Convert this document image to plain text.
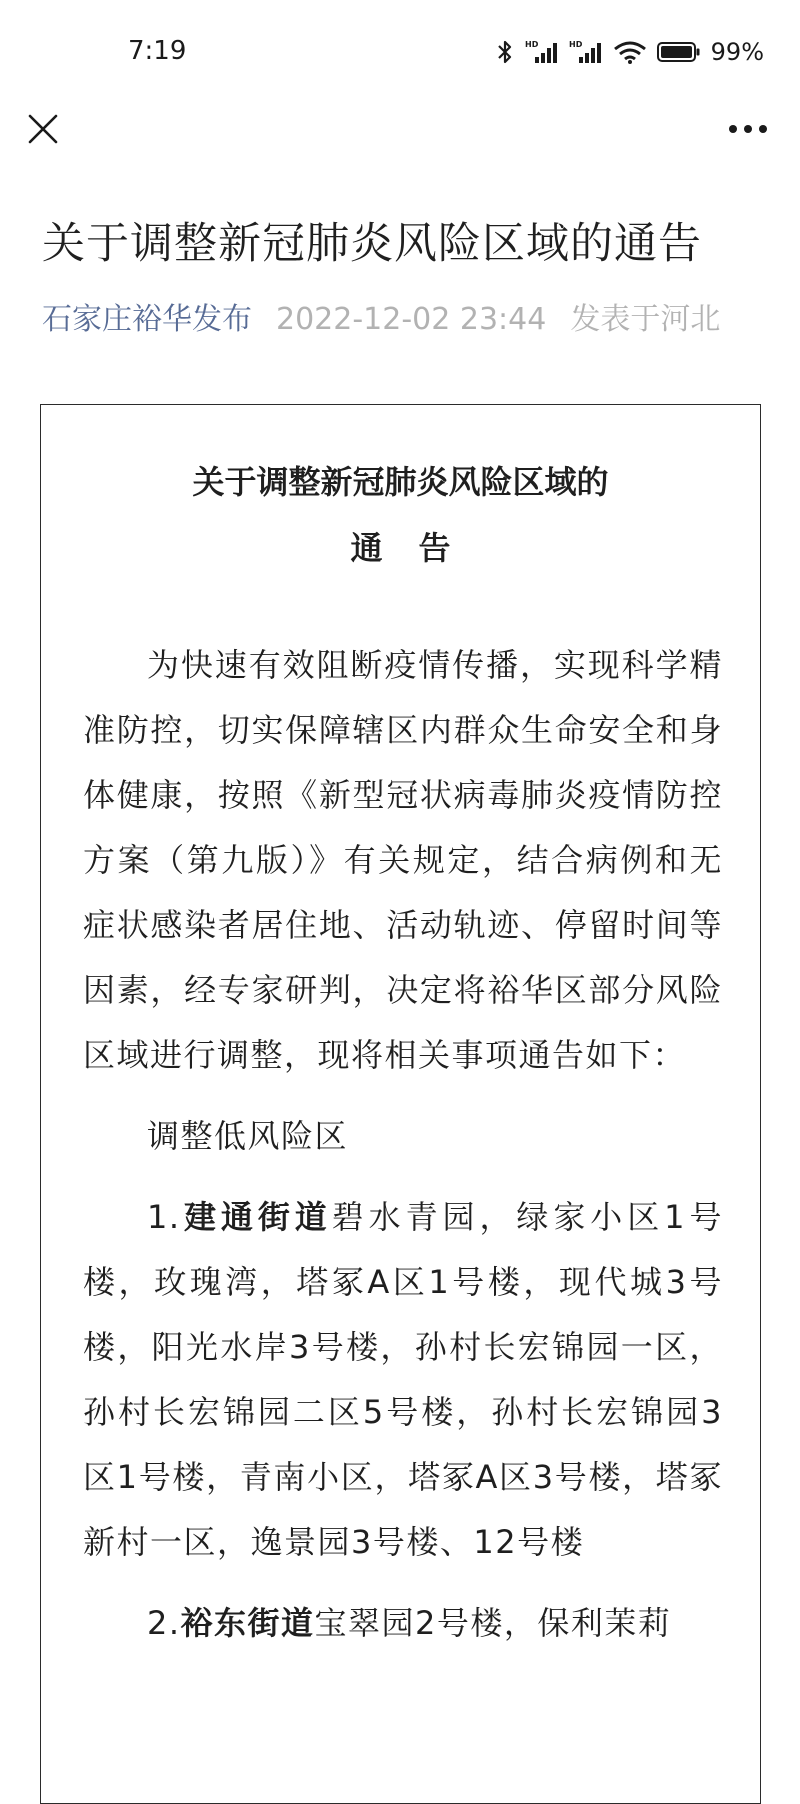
7:19	HD	HD	99%
关于调整新冠肺炎风险区域的通告
石家庄裕华发布 2022-12-02 23:44 发表于河北
关于调整新冠肺炎风险区域的
通告

为快速有效阻断疫情传播，实现科学精准防控，切实保障辖区内群众生命安全和身体健康，按照《新型冠状病毒肺炎疫情防控方案（第九版）》有关规定，结合病例和无症状感染者居住地、活动轨迹、停留时间等因素，经专家研判，决定将裕华区部分风险区域进行调整，现将相关事项通告如下：

调整低风险区

1.建通街道碧水青园，绿家小区1号楼，玫瑰湾，塔冢A区1号楼，现代城3号楼，阳光水岸3号楼，孙村长宏锦园一区，孙村长宏锦园二区5号楼，孙村长宏锦园3区1号楼，青南小区，塔冢A区3号楼，塔冢新村一区，逸景园3号楼、12号楼

2.裕东街道宝翠园2号楼，保利茉莉
